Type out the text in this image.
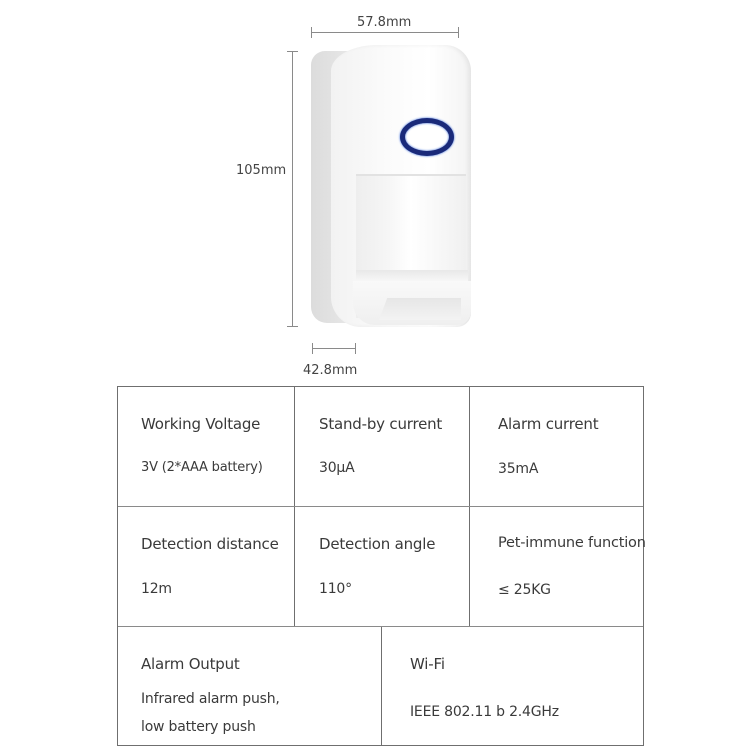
57.8mm
105mm
42.8mm
Working Voltage
3V (2*AAA battery)
Stand-by current
30μA
Alarm current
35mA
Detection distance
12m
Detection angle
110°
Pet-immune function
≤ 25KG
Alarm Output
Infrared alarm push,
low battery push
Wi-Fi
IEEE 802.11 b 2.4GHz
